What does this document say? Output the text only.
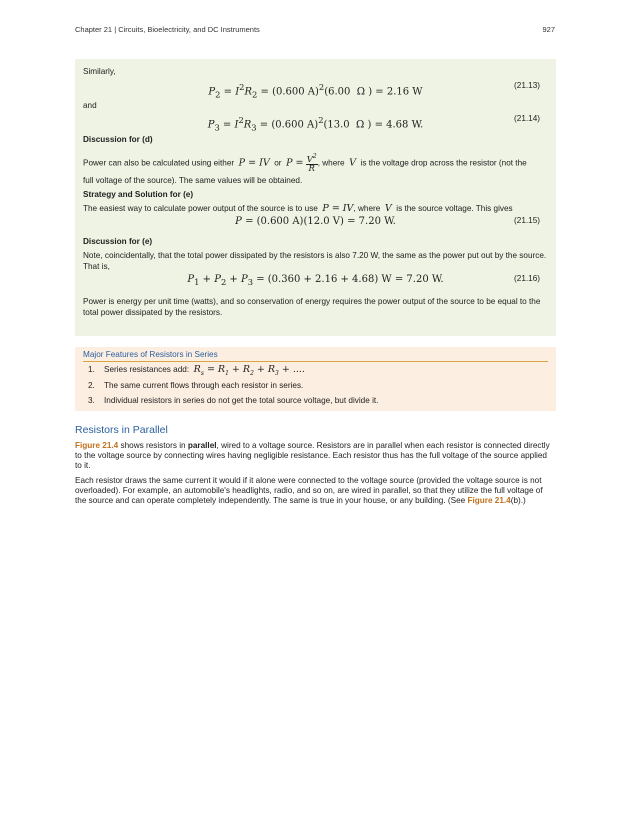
Chapter 21 | Circuits, Bioelectricity, and DC Instruments	927

Similarly,

$P_2 = I^2R_2 = (0.600$ A)$^2$(6.00  Ω ) = 2.16 W
(21.13)

and

$P_3 = I^2R_3 = (0.600$ A)$^2$(13.0  Ω ) = 4.68 W.
(21.14)

Discussion for (d)

Power can also be calculated using either P = IV or $P = \frac{V^2}{R}$ , where V is the voltage drop across the resistor (not the

full voltage of the source). The same values will be obtained.

Strategy and Solution for (e)

The easiest way to calculate power output of the source is to use P = IV, where V is the source voltage. This gives

P = (0.600 A)(12.0 V) = 7.20 W.	(21.15)

Discussion for (e)

Note, coincidentally, that the total power dissipated by the resistors is also 7.20 W, the same as the power put out by the source. That is,

$P_1 + P_2 + P_3 = (0.360 + 2.16 + 4.68) W = 7.20$ W.	(21.16)

Power is energy per unit time (watts), and so conservation of energy requires the power output of the source to be equal to the total power dissipated by the resistors.

Major Features of Resistors in Series
1. Series resistances add: $R_s = R_1 + R_2 + R_3$ + ....
2. The same current flows through each resistor in series.
3. Individual resistors in series do not get the total source voltage, but divide it.
Resistors in Parallel

Figure 21.4 shows resistors in parallel, wired to a voltage source. Resistors are in parallel when each resistor is connected directly to the voltage source by connecting wires having negligible resistance. Each resistor thus has the full voltage of the source applied to it.

Each resistor draws the same current it would if it alone were connected to the voltage source (provided the voltage source is not overloaded). For example, an automobile's headlights, radio, and so on, are wired in parallel, so that they utilize the full voltage of the source and can operate completely independently. The same is true in your house, or any building. (See Figure 21.4(b).)
